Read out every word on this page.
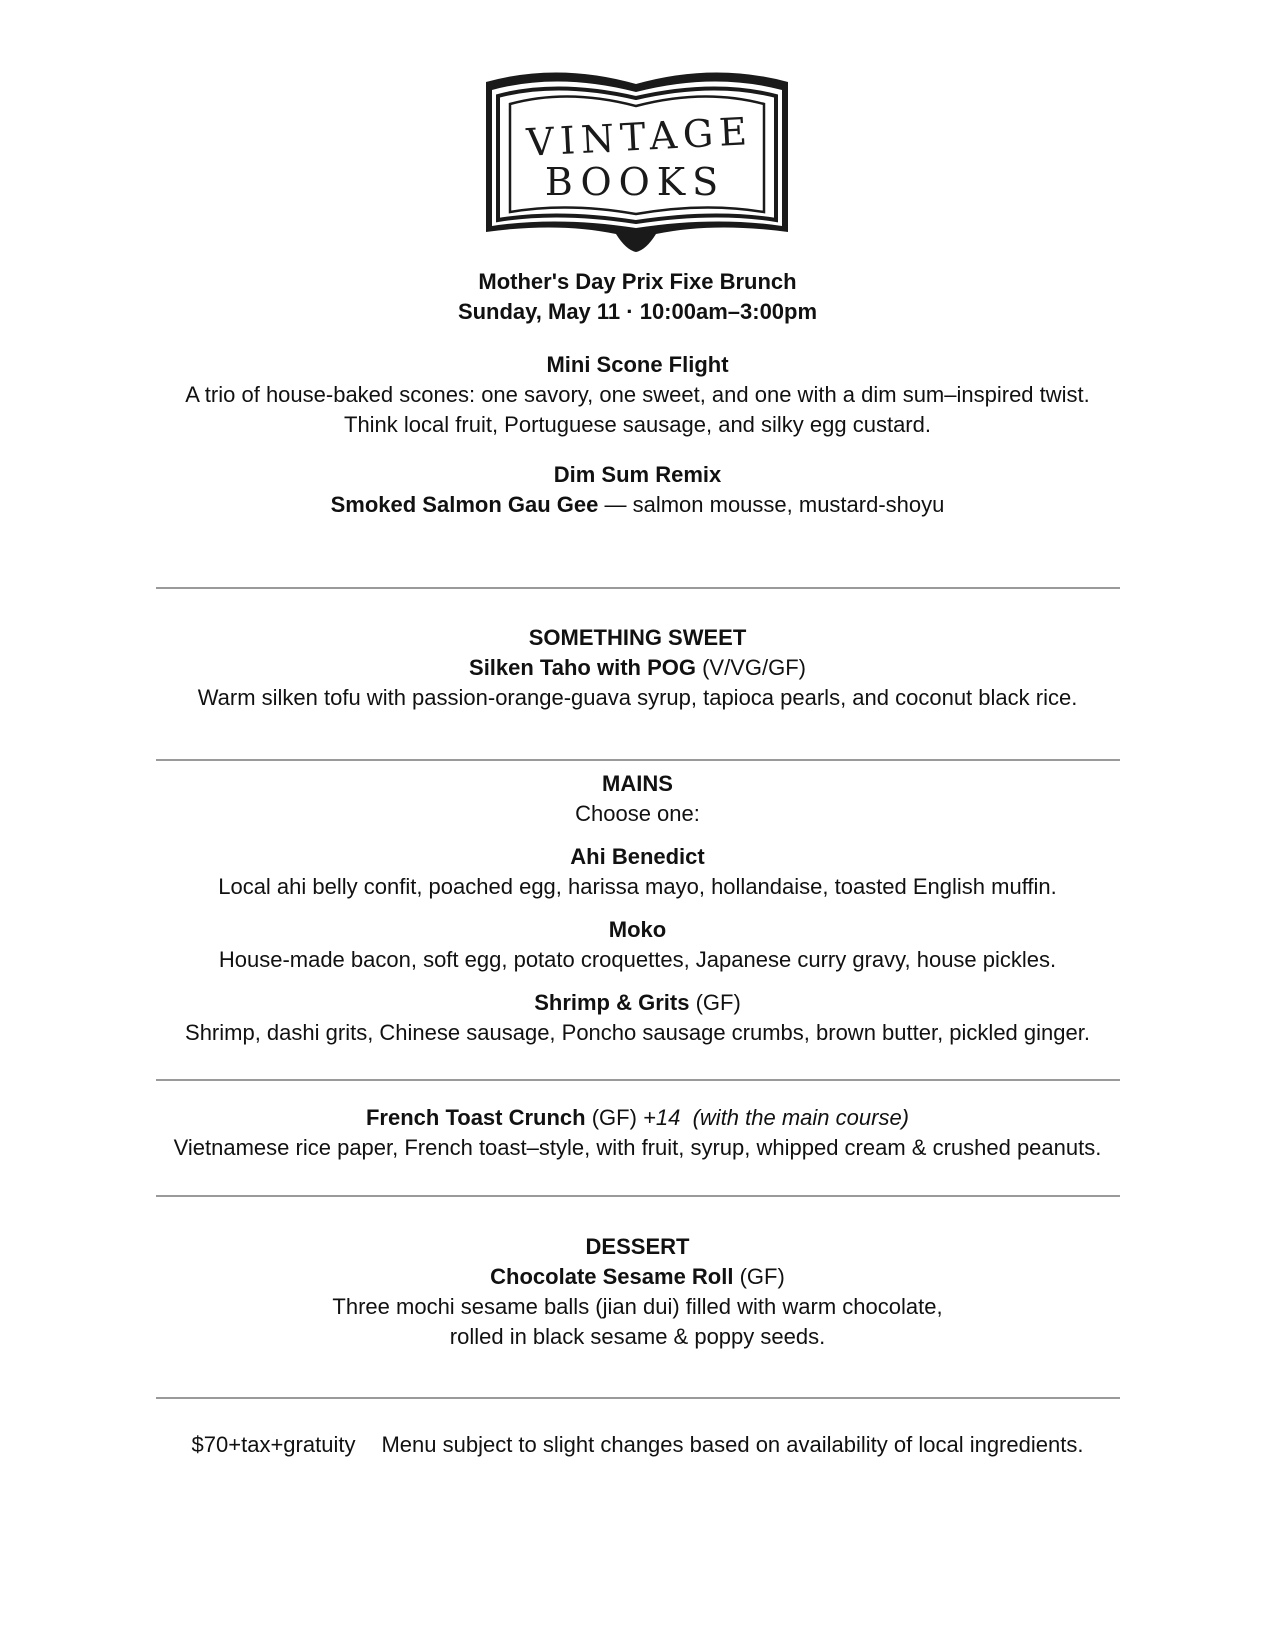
VINTAGE
BOOKS
Mother's Day Prix Fixe Brunch
Sunday, May 11 · 10:00am–3:00pm
Mini Scone Flight
A trio of house-baked scones: one savory, one sweet, and one with a dim sum–inspired twist.
Think local fruit, Portuguese sausage, and silky egg custard.
Dim Sum Remix
Smoked Salmon Gau Gee — salmon mousse, mustard-shoyu
SOMETHING SWEET
Silken Taho with POG (V/VG/GF)
Warm silken tofu with passion-orange-guava syrup, tapioca pearls, and coconut black rice.
MAINS
Choose one:
Ahi Benedict
Local ahi belly confit, poached egg, harissa mayo, hollandaise, toasted English muffin.
Moko
House-made bacon, soft egg, potato croquettes, Japanese curry gravy, house pickles.
Shrimp & Grits (GF)
Shrimp, dashi grits, Chinese sausage, Poncho sausage crumbs, brown butter, pickled ginger.
French Toast Crunch (GF) +14  (with the main course)
Vietnamese rice paper, French toast–style, with fruit, syrup, whipped cream & crushed peanuts.
DESSERT
Chocolate Sesame Roll (GF)
Three mochi sesame balls (jian dui) filled with warm chocolate,
rolled in black sesame & poppy seeds.
$70+tax+gratuity Menu subject to slight changes based on availability of local ingredients.
